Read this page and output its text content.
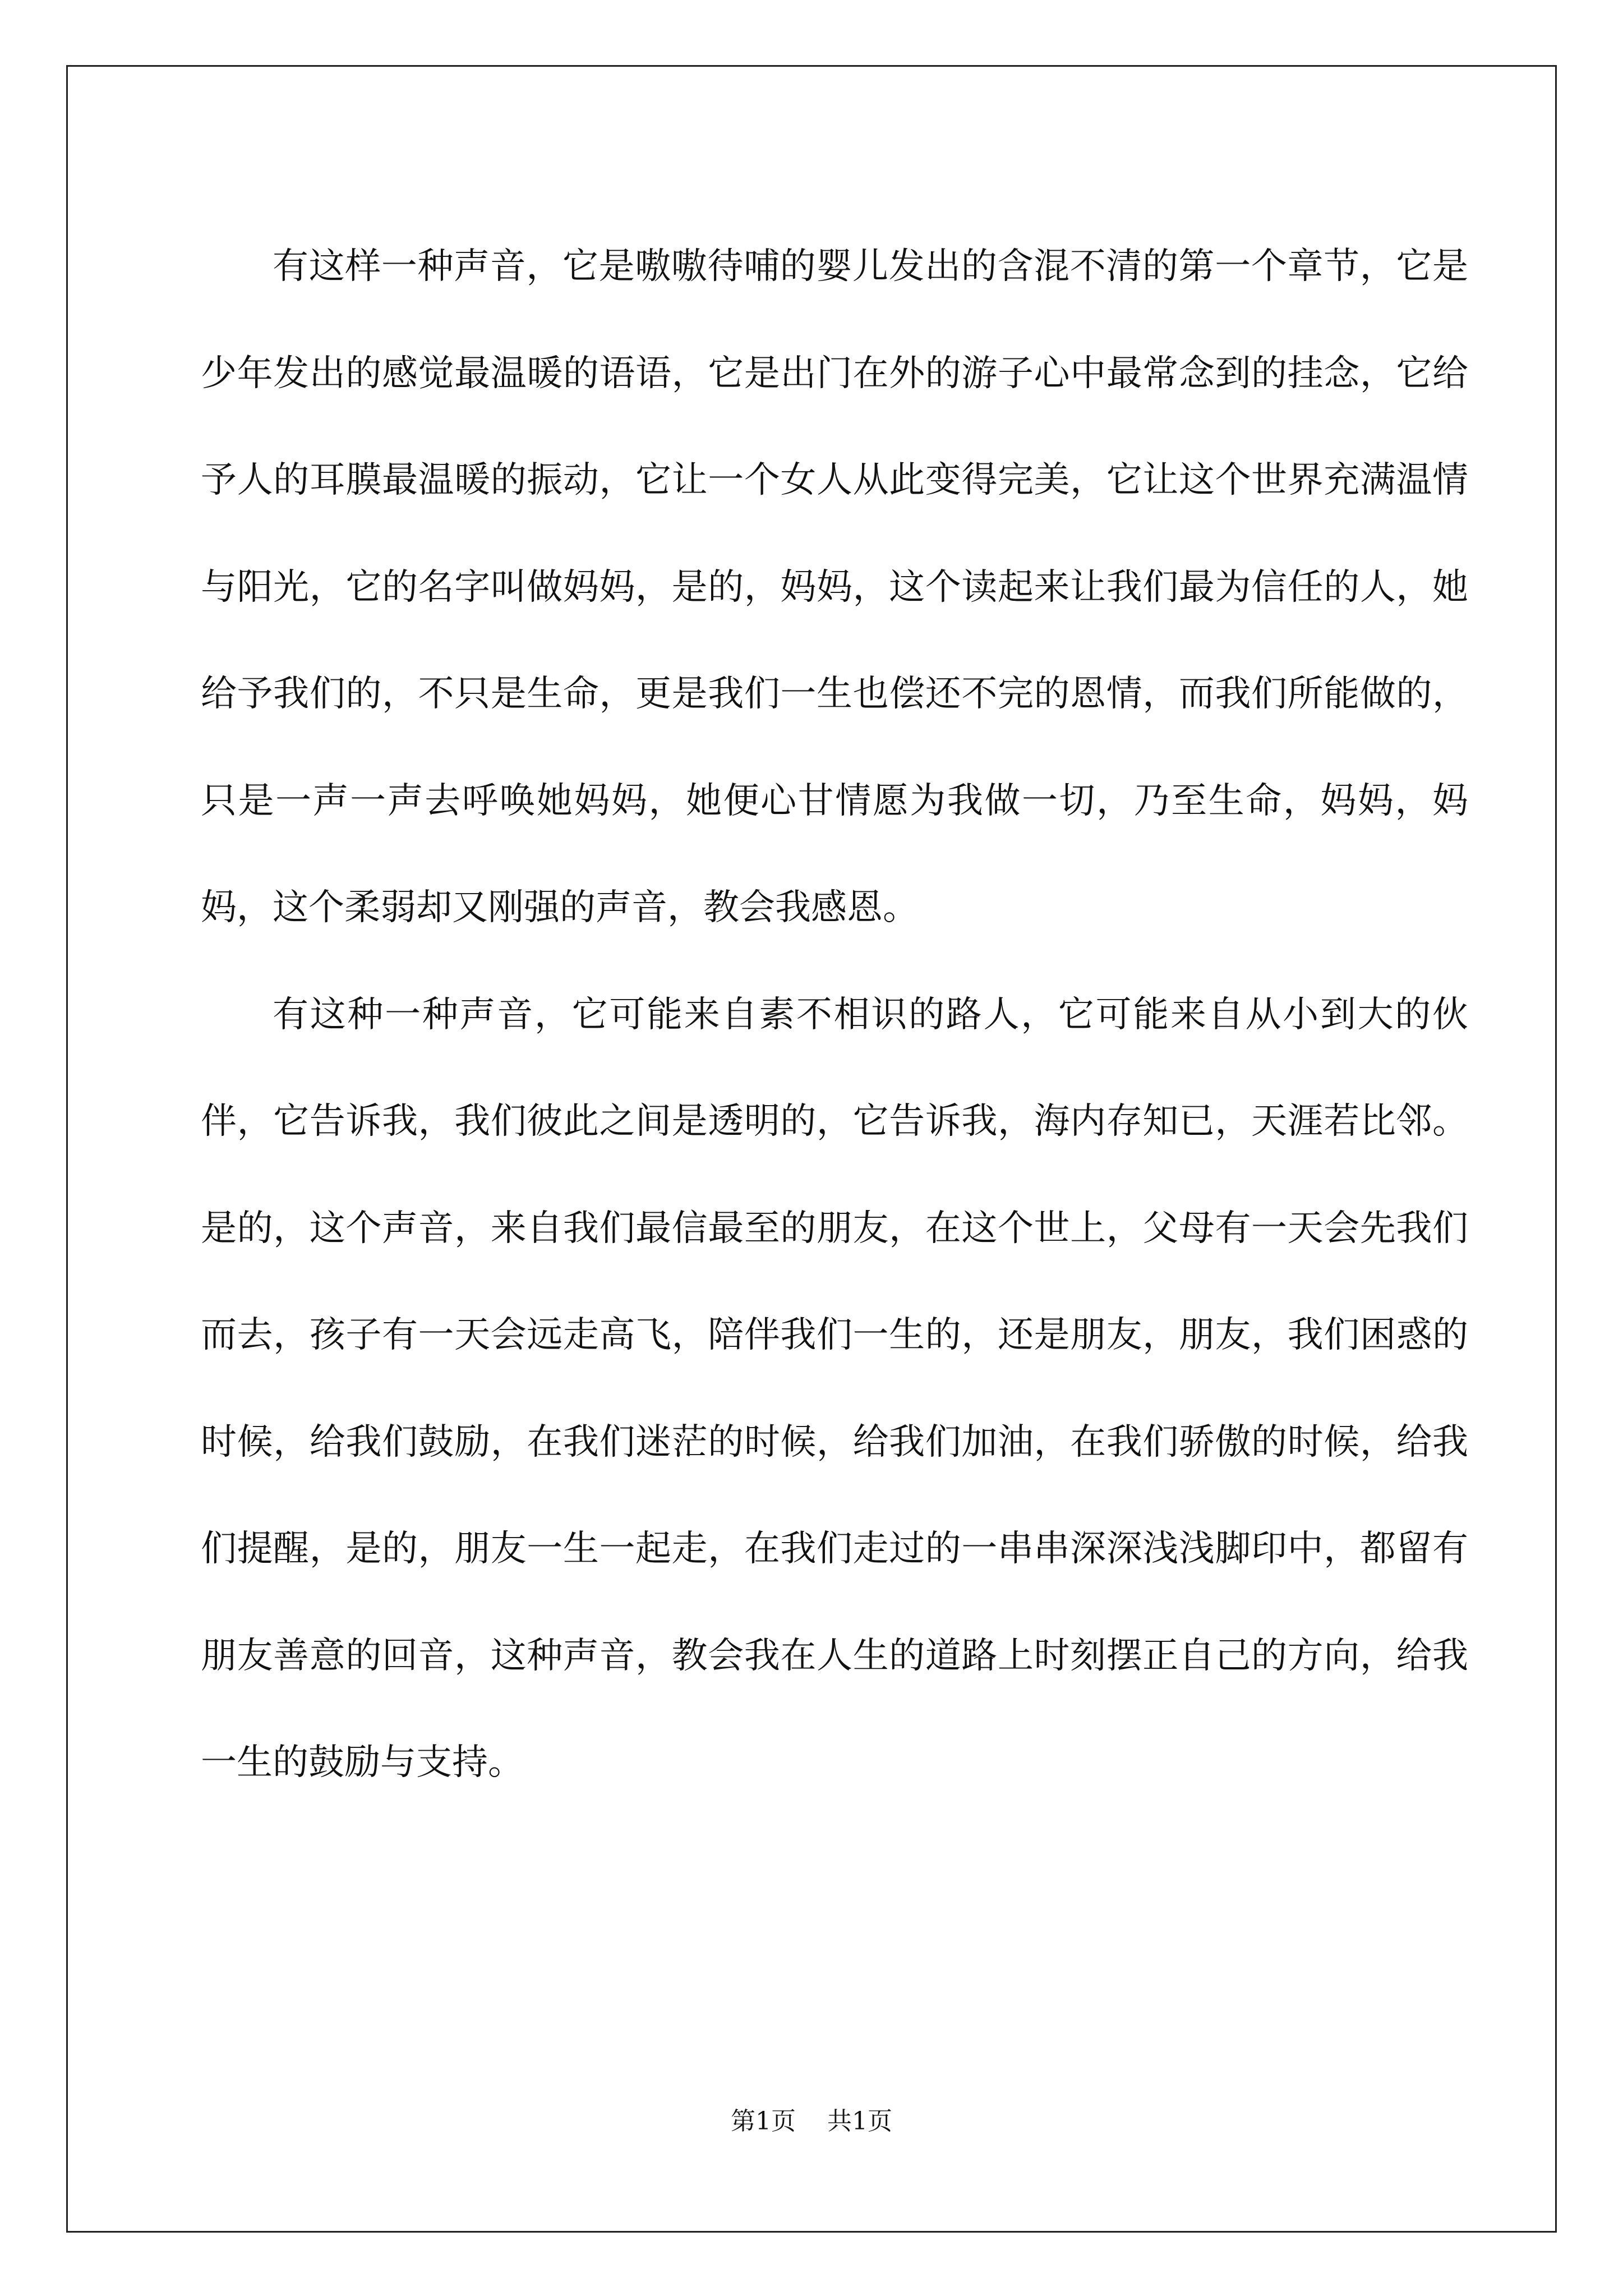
有这样一种声音，它是嗷嗷待哺的婴儿发出的含混不清的第一个章节，它是少年发出的感觉最温暖的语语，它是出门在外的游子心中最常念到的挂念，它给予人的耳膜最温暖的振动，它让一个女人从此变得完美，它让这个世界充满温情与阳光，它的名字叫做妈妈，是的，妈妈，这个读起来让我们最为信任的人，她给予我们的，不只是生命，更是我们一生也偿还不完的恩情，而我们所能做的，只是一声一声去呼唤她妈妈，她便心甘情愿为我做一切，乃至生命，妈妈，妈妈，这个柔弱却又刚强的声音，教会我感恩。

有这种一种声音，它可能来自素不相识的路人，它可能来自从小到大的伙伴，它告诉我，我们彼此之间是透明的，它告诉我，海内存知已，天涯若比邻。是的，这个声音，来自我们最信最至的朋友，在这个世上，父母有一天会先我们而去，孩子有一天会远走高飞，陪伴我们一生的，还是朋友，朋友，我们困惑的时候，给我们鼓励，在我们迷茫的时候，给我们加油，在我们骄傲的时候，给我们提醒，是的，朋友一生一起走，在我们走过的一串串深深浅浅脚印中，都留有朋友善意的回音，这种声音，教会我在人生的道路上时刻摆正自己的方向，给我一生的鼓励与支持。

第1页 共1页
